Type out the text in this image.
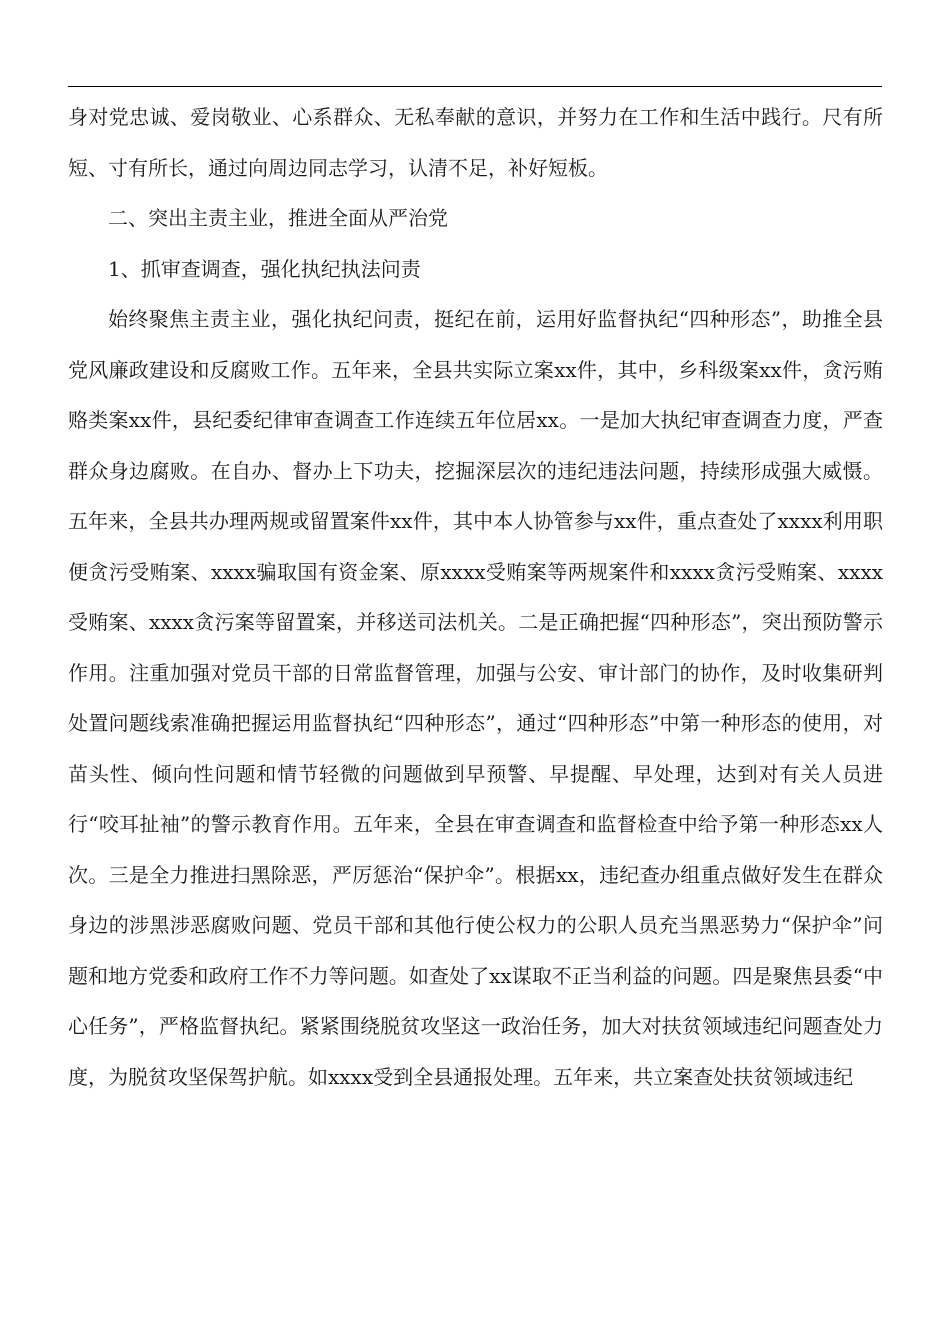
身对党忠诚、爱岗敬业、心系群众、无私奉献的意识，并努力在工作和生活中践行。尺有所短、寸有所长，通过向周边同志学习，认清不足，补好短板。

二、突出主责主业，推进全面从严治党

1、抓审查调查，强化执纪执法问责

始终聚焦主责主业，强化执纪问责，挺纪在前，运用好监督执纪“四种形态”，助推全县党风廉政建设和反腐败工作。五年来，全县共实际立案xx件，其中，乡科级案xx件，贪污贿赂类案xx件，县纪委纪律审查调查工作连续五年位居xx。一是加大执纪审查调查力度，严查群众身边腐败。在自办、督办上下功夫，挖掘深层次的违纪违法问题，持续形成强大威慑。五年来，全县共办理两规或留置案件xx件，其中本人协管参与xx件，重点查处了xxxx利用职便贪污受贿案、xxxx骗取国有资金案、原xxxx受贿案等两规案件和xxxx贪污受贿案、xxxx受贿案、xxxx贪污案等留置案，并移送司法机关。二是正确把握“四种形态”，突出预防警示作用。注重加强对党员干部的日常监督管理，加强与公安、审计部门的协作，及时收集研判处置问题线索准确把握运用监督执纪“四种形态”，通过“四种形态”中第一种形态的使用，对苗头性、倾向性问题和情节轻微的问题做到早预警、早提醒、早处理，达到对有关人员进行“咬耳扯袖”的警示教育作用。五年来，全县在审查调查和监督检查中给予第一种形态xx人次。三是全力推进扫黑除恶，严厉惩治“保护伞”。根据xx，违纪查办组重点做好发生在群众身边的涉黑涉恶腐败问题、党员干部和其他行使公权力的公职人员充当黑恶势力“保护伞”问题和地方党委和政府工作不力等问题。如查处了xx谋取不正当利益的问题。四是聚焦县委“中心任务”，严格监督执纪。紧紧围绕脱贫攻坚这一政治任务，加大对扶贫领域违纪问题查处力度，为脱贫攻坚保驾护航。如xxxx受到全县通报处理。五年来，共立案查处扶贫领域违纪
